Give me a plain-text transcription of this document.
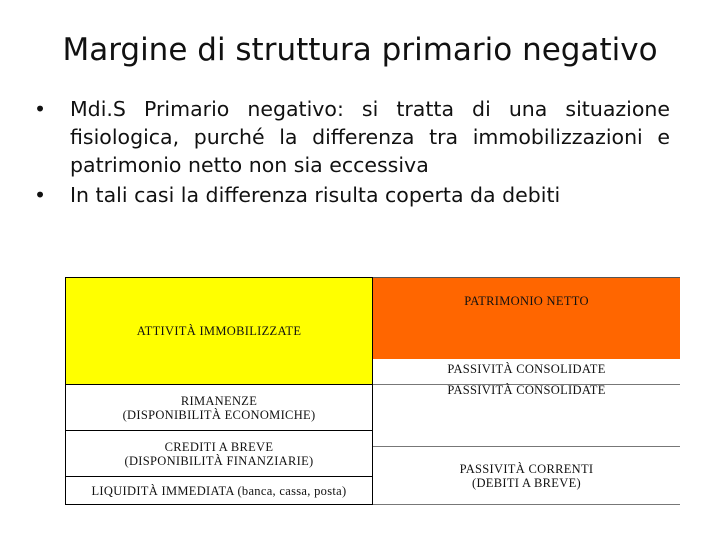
Margine di struttura primario negativo
• Mdi.S Primario negativo: si tratta di una situazione fisiologica, purché la differenza tra immobilizzazioni e patrimonio netto non sia eccessiva
• In tali casi la differenza risulta coperta da debiti
ATTIVITÀ IMMOBILIZZATE
RIMANENZE
(DISPONIBILITÀ ECONOMICHE)
CREDITI A BREVE
(DISPONIBILITÀ FINANZIARIE)
LIQUIDITÀ IMMEDIATA (banca, cassa, posta)
PATRIMONIO NETTO
PASSIVITÀ CONSOLIDATE
PASSIVITÀ CONSOLIDATE
PASSIVITÀ CORRENTI
(DEBITI A BREVE)
